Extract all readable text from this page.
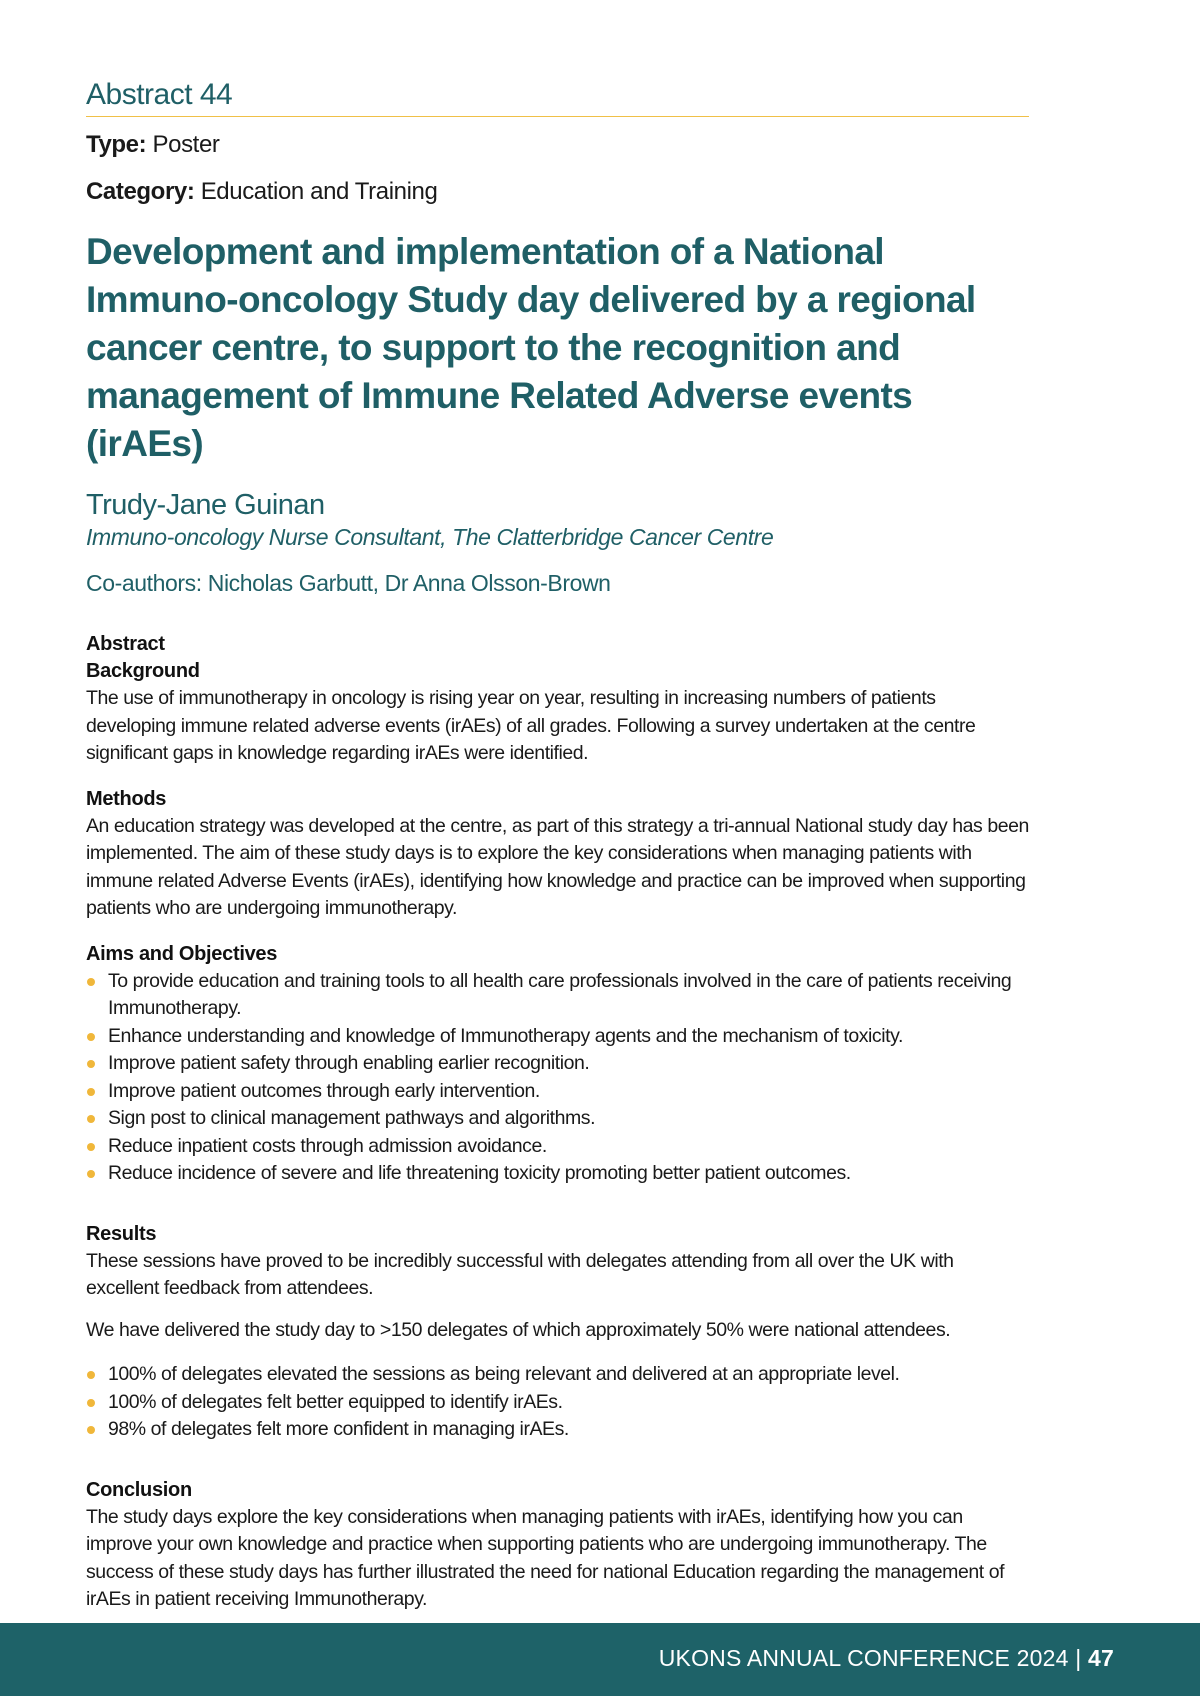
Abstract 44

Type: Poster

Category: Education and Training

Development and implementation of a National Immuno-oncology Study day delivered by a regional cancer centre, to support to the recognition and management of Immune Related Adverse events (irAEs)
Trudy-Jane Guinan
Immuno-oncology Nurse Consultant, The Clatterbridge Cancer Centre
Co-authors: Nicholas Garbutt, Dr Anna Olsson-Brown
Abstract
Background

The use of immunotherapy in oncology is rising year on year, resulting in increasing numbers of patients developing immune related adverse events (irAEs) of all grades. Following a survey undertaken at the centre significant gaps in knowledge regarding irAEs were identified.

Methods

An education strategy was developed at the centre, as part of this strategy a tri-annual National study day has been implemented. The aim of these study days is to explore the key considerations when managing patients with immune related Adverse Events (irAEs), identifying how knowledge and practice can be improved when supporting patients who are undergoing immunotherapy.

Aims and Objectives
To provide education and training tools to all health care professionals involved in the care of patients receiving Immunotherapy.
Enhance understanding and knowledge of Immunotherapy agents and the mechanism of toxicity.
Improve patient safety through enabling earlier recognition.
Improve patient outcomes through early intervention.
Sign post to clinical management pathways and algorithms.
Reduce inpatient costs through admission avoidance.
Reduce incidence of severe and life threatening toxicity promoting better patient outcomes.
Results

These sessions have proved to be incredibly successful with delegates attending from all over the UK with excellent feedback from attendees.

We have delivered the study day to >150 delegates of which approximately 50% were national attendees.

100% of delegates elevated the sessions as being relevant and delivered at an appropriate level.
100% of delegates felt better equipped to identify irAEs.
98% of delegates felt more confident in managing irAEs.
Conclusion

The study days explore the key considerations when managing patients with irAEs, identifying how you can improve your own knowledge and practice when supporting patients who are undergoing immunotherapy. The success of these study days has further illustrated the need for national Education regarding the management of irAEs in patient receiving Immunotherapy.

UKONS ANNUAL CONFERENCE 2024 | 47
